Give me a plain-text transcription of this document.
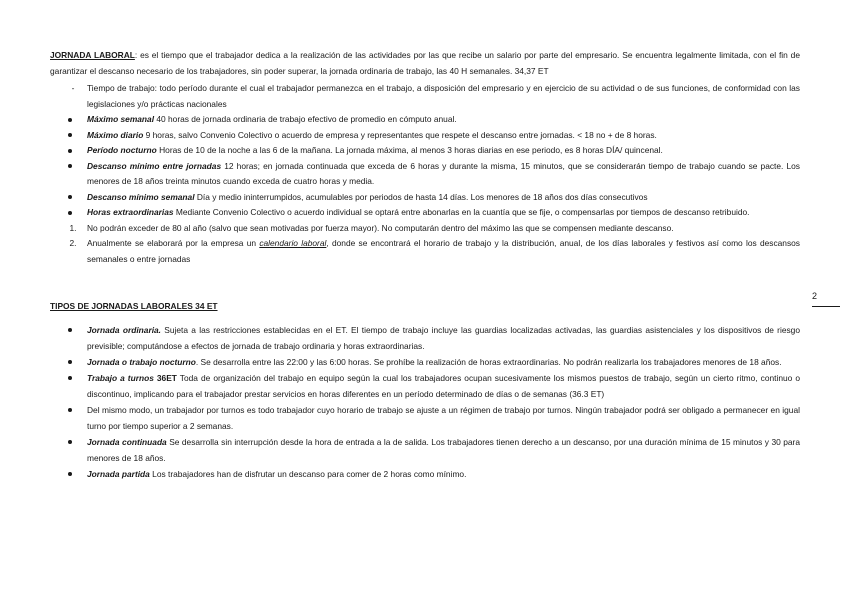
JORNADA LABORAL: es el tiempo que el trabajador dedica a la realización de las actividades por las que recibe un salario por parte del empresario. Se encuentra legalmente limitada, con el fin de garantizar el descanso necesario de los trabajadores, sin poder superar, la jornada ordinaria de trabajo, las 40 H semanales. 34,37 ET
-	Tiempo de trabajo: todo período durante el cual el trabajador permanezca en el trabajo, a disposición del empresario y en ejercicio de su actividad o de sus funciones, de conformidad con las legislaciones y/o prácticas nacionales
Máximo semanal 40 horas de jornada ordinaria de trabajo efectivo de promedio en cómputo anual.
Máximo diario 9 horas, salvo Convenio Colectivo o acuerdo de empresa y representantes que respete el descanso entre jornadas. < 18 no + de 8 horas.
Período nocturno Horas de 10 de la noche a las 6 de la mañana. La jornada máxima, al menos 3 horas diarias en ese periodo, es 8 horas DÍA/ quincenal.
Descanso mínimo entre jornadas 12 horas; en jornada continuada que exceda de 6 horas y durante la misma, 15 minutos, que se considerarán tiempo de trabajo cuando se pacte. Los menores de 18 años treinta minutos cuando exceda de cuatro horas y media.
Descanso mínimo semanal Día y medio ininterrumpidos, acumulables por periodos de hasta 14 días. Los menores de 18 años dos días consecutivos
Horas extraordinarias Mediante Convenio Colectivo o acuerdo individual se optará entre abonarlas en la cuantía que se fije, o compensarlas por tiempos de descanso retribuido.
1.	No podrán exceder de 80 al año (salvo que sean motivadas por fuerza mayor). No computarán dentro del máximo las que se compensen mediante descanso.
2.	Anualmente se elaborará por la empresa un calendario laboral, donde se encontrará el horario de trabajo y la distribución, anual, de los días laborales y festivos así como los descansos semanales o entre jornadas
TIPOS DE JORNADAS LABORALES 34 ET
2
Jornada ordinaria. Sujeta a las restricciones establecidas en el ET. El tiempo de trabajo incluye las guardias localizadas activadas, las guardias asistenciales y los dispositivos de riesgo previsible; computándose a efectos de jornada de trabajo ordinaria y horas extraordinarias.
Jornada o trabajo nocturno. Se desarrolla entre las 22:00 y las 6:00 horas. Se prohíbe la realización de horas extraordinarias. No podrán realizarla los trabajadores menores de 18 años.
Trabajo a turnos 36ET Toda de organización del trabajo en equipo según la cual los trabajadores ocupan sucesivamente los mismos puestos de trabajo, según un cierto ritmo, continuo o discontinuo, implicando para el trabajador prestar servicios en horas diferentes en un período determinado de días o de semanas (36.3 ET)
Del mismo modo, un trabajador por turnos es todo trabajador cuyo horario de trabajo se ajuste a un régimen de trabajo por turnos. Ningún trabajador podrá ser obligado a permanecer en igual turno por tiempo superior a 2 semanas.
Jornada continuada Se desarrolla sin interrupción desde la hora de entrada a la de salida. Los trabajadores tienen derecho a un descanso, por una duración mínima de 15 minutos y 30 para menores de 18 años.
Jornada partida Los trabajadores han de disfrutar un descanso para comer de 2 horas como mínimo.
